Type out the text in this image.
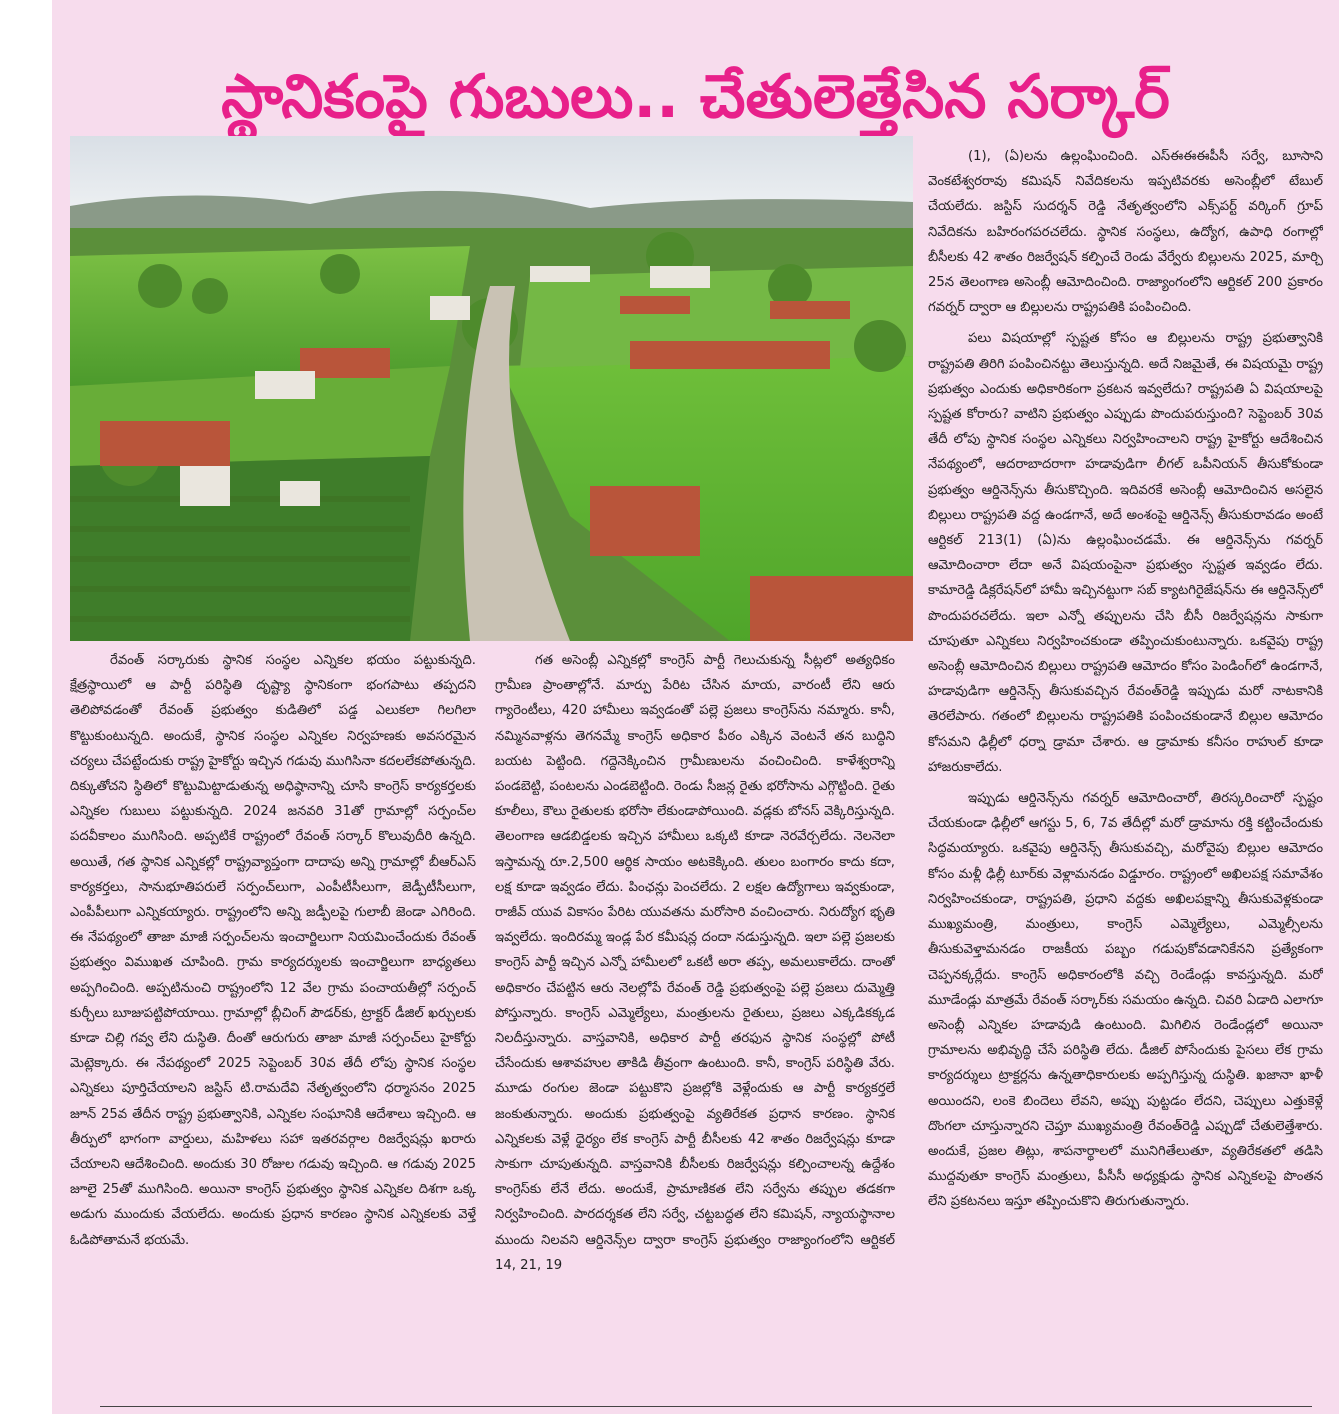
స్థానికంపై గుబులు.. చేతులెత్తేసిన సర్కార్

రేవంత్ సర్కారుకు స్థానిక సంస్థల ఎన్నికల భయం పట్టుకున్నది. క్షేత్రస్థాయిలో ఆ పార్టీ పరిస్థితి దృష్ట్యా స్థానికంగా భంగపాటు తప్పదని తెలిపోవడంతో రేవంత్ ప్రభుత్వం కుడితిలో పడ్డ ఎలుకలా గిలగిలా కొట్టుకుంటున్నది. అందుకే, స్థానిక సంస్థల ఎన్నికల నిర్వహణకు అవసరమైన చర్యలు చేపట్టేందుకు రాష్ట్ర హైకోర్టు ఇచ్చిన గడువు ముగిసినా కదలలేకపోతున్నది. దిక్కుతోచని స్థితిలో కొట్టుమిట్టాడుతున్న అధిష్ఠానాన్ని చూసి కాంగ్రెస్ కార్యకర్తలకు ఎన్నికల గుబులు పట్టుకున్నది. 2024 జనవరి 31తో గ్రామాల్లో సర్పంచ్‌ల పదవీకాలం ముగిసింది. అప్పటికే రాష్ట్రంలో రేవంత్ సర్కార్ కొలువుదీరి ఉన్నది. అయితే, గత స్థానిక ఎన్నికల్లో రాష్ట్రవ్యాప్తంగా దాదాపు అన్ని గ్రామాల్లో బీఆర్ఎస్ కార్యకర్తలు, సానుభూతిపరులే సర్పంచ్‌లుగా, ఎంపీటీసీలుగా, జెడ్పీటీసీలుగా, ఎంపీపీలుగా ఎన్నికయ్యారు. రాష్ట్రంలోని అన్ని జడ్పీలపై గులాబీ జెండా ఎగిరింది. ఈ నేపథ్యంలో తాజా మాజీ సర్పంచ్‌లను ఇంచార్జిలుగా నియమించేందుకు రేవంత్ ప్రభుత్వం విముఖత చూపింది. గ్రామ కార్యదర్శులకు ఇంచార్జిలుగా బాధ్యతలు అప్పగించింది. అప్పటినుంచి రాష్ట్రంలోని 12 వేల గ్రామ పంచాయతీల్లో సర్పంచ్ కుర్చీలు బూజుపట్టిపోయాయి. గ్రామాల్లో బ్లీచింగ్ పౌడర్‌కు, ట్రాక్టర్ డీజిల్ ఖర్చులకు కూడా చిల్లి గవ్వ లేని దుస్థితి. దీంతో ఆరుగురు తాజా మాజీ సర్పంచ్‌లు హైకోర్టు మెట్లెక్కారు. ఈ నేపథ్యంలో 2025 సెప్టెంబర్ 30వ తేదీ లోపు స్థానిక సంస్థల ఎన్నికలు పూర్తిచేయాలని జస్టిస్ టి.రామదేవి నేతృత్వంలోని ధర్మాసనం 2025 జూన్ 25వ తేదీన రాష్ట్ర ప్రభుత్వానికి, ఎన్నికల సంఘానికి ఆదేశాలు ఇచ్చింది. ఆ తీర్పులో భాగంగా వార్డులు, మహిళలు సహా ఇతరవర్గాల రిజర్వేషన్లు ఖరారు చేయాలని ఆదేశించింది. అందుకు 30 రోజుల గడువు ఇచ్చింది. ఆ గడువు 2025 జూలై 25తో ముగిసింది. అయినా కాంగ్రెస్ ప్రభుత్వం స్థానిక ఎన్నికల దిశగా ఒక్క అడుగు ముందుకు వేయలేదు. అందుకు ప్రధాన కారణం స్థానిక ఎన్నికలకు వెళ్తే ఓడిపోతామనే భయమే.

గత అసెంబ్లీ ఎన్నికల్లో కాంగ్రెస్ పార్టీ గెలుచుకున్న సీట్లలో అత్యధికం గ్రామీణ ప్రాంతాల్లోనే. మార్పు పేరిట చేసిన మాయ, వారంటీ లేని ఆరు గ్యారెంటీలు, 420 హామీలు ఇవ్వడంతో పల్లె ప్రజలు కాంగ్రెస్‌ను నమ్మారు. కానీ, నమ్మినవాళ్లను తెగనమ్మే కాంగ్రెస్ అధికార పీఠం ఎక్కిన వెంటనే తన బుద్ధిని బయట పెట్టింది. గద్దెనెక్కించిన గ్రామీణులను వంచించింది. కాళేశ్వరాన్ని పండబెట్టి, పంటలను ఎండబెట్టింది. రెండు సీజన్ల రైతు భరోసాను ఎగ్గొట్టింది. రైతు కూలీలు, కౌలు రైతులకు భరోసా లేకుండాపోయింది. వడ్లకు బోనస్ వెక్కిరిస్తున్నది. తెలంగాణ ఆడబిడ్డలకు ఇచ్చిన హామీలు ఒక్కటి కూడా నెరవేర్చలేదు. నెలనెలా ఇస్తామన్న రూ.2,500 ఆర్థిక సాయం అటకెక్కింది. తులం బంగారం కాదు కదా, లక్ష కూడా ఇవ్వడం లేదు. పింఛన్లు పెంచలేదు. 2 లక్షల ఉద్యోగాలు ఇవ్వకుండా, రాజీవ్ యువ వికాసం పేరిట యువతను మరోసారి వంచించారు. నిరుద్యోగ భృతి ఇవ్వలేదు. ఇందిరమ్మ ఇండ్ల పేర కమీషన్ల దందా నడుస్తున్నది. ఇలా పల్లె ప్రజలకు కాంగ్రెస్ పార్టీ ఇచ్చిన ఎన్నో హామీలలో ఒకటీ అరా తప్ప, అమలుకాలేదు. దాంతో అధికారం చేపట్టిన ఆరు నెలల్లోపే రేవంత్ రెడ్డి ప్రభుత్వంపై పల్లె ప్రజలు దుమ్మెత్తి పోస్తున్నారు. కాంగ్రెస్ ఎమ్మెల్యేలు, మంత్రులను రైతులు, ప్రజలు ఎక్కడికక్కడ నిలదీస్తున్నారు. వాస్తవానికి, అధికార పార్టీ తరఫున స్థానిక సంస్థల్లో పోటీ చేసేందుకు ఆశావహుల తాకిడి తీవ్రంగా ఉంటుంది. కానీ, కాంగ్రెస్ పరిస్థితి వేరు. మూడు రంగుల జెండా పట్టుకొని ప్రజల్లోకి వెళ్లేందుకు ఆ పార్టీ కార్యకర్తలే జంకుతున్నారు. అందుకు ప్రభుత్వంపై వ్యతిరేకత ప్రధాన కారణం. స్థానిక ఎన్నికలకు వెళ్లే ధైర్యం లేక కాంగ్రెస్ పార్టీ బీసీలకు 42 శాతం రిజర్వేషన్లు కూడా సాకుగా చూపుతున్నది. వాస్తవానికి బీసీలకు రిజర్వేషన్లు కల్పించాలన్న ఉద్దేశం కాంగ్రెస్‌కు లేనే లేదు. అందుకే, ప్రామాణికత లేని సర్వేను తప్పుల తడకగా నిర్వహించింది. పారదర్శకత లేని సర్వే, చట్టబద్ధత లేని కమిషన్, న్యాయస్థానాల ముందు నిలవని ఆర్డినెన్స్‌ల ద్వారా కాంగ్రెస్ ప్రభుత్వం రాజ్యాంగంలోని ఆర్టికల్ 14, 21, 19

(1), (ఏ)లను ఉల్లంఘించింది. ఎస్ఈఈఈపీసీ సర్వే, బూసాని వెంకటేశ్వరరావు కమిషన్ నివేదికలను ఇప్పటివరకు అసెంబ్లీలో టేబుల్ చేయలేదు. జస్టిస్ సుదర్శన్ రెడ్డి నేతృత్వంలోని ఎక్స్‌పర్ట్ వర్కింగ్ గ్రూప్ నివేదికను బహిరంగపరచలేదు. స్థానిక సంస్థలు, ఉద్యోగ, ఉపాధి రంగాల్లో బీసీలకు 42 శాతం రిజర్వేషన్ కల్పించే రెండు వేర్వేరు బిల్లులను 2025, మార్చి 25న తెలంగాణ అసెంబ్లీ ఆమోదించింది. రాజ్యాంగంలోని ఆర్టికల్ 200 ప్రకారం గవర్నర్ ద్వారా ఆ బిల్లులను రాష్ట్రపతికి పంపించింది.

పలు విషయాల్లో స్పష్టత కోసం ఆ బిల్లులను రాష్ట్ర ప్రభుత్వానికి రాష్ట్రపతి తిరిగి పంపించినట్టు తెలుస్తున్నది. అదే నిజమైతే, ఈ విషయమై రాష్ట్ర ప్రభుత్వం ఎందుకు అధికారికంగా ప్రకటన ఇవ్వలేదు? రాష్ట్రపతి ఏ విషయాలపై స్పష్టత కోరారు? వాటిని ప్రభుత్వం ఎప్పుడు పొందుపరుస్తుంది? సెప్టెంబర్ 30వ తేదీ లోపు స్థానిక సంస్థల ఎన్నికలు నిర్వహించాలని రాష్ట్ర హైకోర్టు ఆదేశించిన నేపథ్యంలో, ఆదరాబాదరాగా హడావుడిగా లీగల్ ఒపీనియన్ తీసుకోకుండా ప్రభుత్వం ఆర్డినెన్స్‌ను తీసుకొచ్చింది. ఇదివరకే అసెంబ్లీ ఆమోదించిన అసలైన బిల్లులు రాష్ట్రపతి వద్ద ఉండగానే, అదే అంశంపై ఆర్డినెన్స్ తీసుకురావడం అంటే ఆర్టికల్ 213(1) (ఏ)ను ఉల్లంఘించడమే. ఈ ఆర్డినెన్స్‌ను గవర్నర్ ఆమోదించారా లేదా అనే విషయంపైనా ప్రభుత్వం స్పష్టత ఇవ్వడం లేదు. కామారెడ్డి డిక్లరేషన్‌లో హామీ ఇచ్చినట్టుగా సబ్ క్యాటగిరైజేషన్‌ను ఈ ఆర్డినెన్స్‌లో పొందుపరచలేదు. ఇలా ఎన్నో తప్పులను చేసి బీసీ రిజర్వేషన్లను సాకుగా చూపుతూ ఎన్నికలు నిర్వహించకుండా తప్పించుకుంటున్నారు. ఒకవైపు రాష్ట్ర అసెంబ్లీ ఆమోదించిన బిల్లులు రాష్ట్రపతి ఆమోదం కోసం పెండింగ్‌లో ఉండగానే, హడావుడిగా ఆర్డినెన్స్ తీసుకువచ్చిన రేవంత్‌రెడ్డి ఇప్పుడు మరో నాటకానికి తెరలేపారు. గతంలో బిల్లులను రాష్ట్రపతికి పంపించకుండానే బిల్లుల ఆమోదం కోసమని ఢిల్లీలో ధర్నా డ్రామా చేశారు. ఆ డ్రామాకు కనీసం రాహుల్ కూడా హాజరుకాలేదు.

ఇప్పుడు ఆర్డినెన్స్‌ను గవర్నర్ ఆమోదించారో, తిరస్కరించారో స్పష్టం చేయకుండా ఢిల్లీలో ఆగస్టు 5, 6, 7వ తేదీల్లో మరో డ్రామాను రక్తి కట్టించేందుకు సిద్ధమయ్యారు. ఒకవైపు ఆర్డినెన్స్ తీసుకువచ్చి, మరోవైపు బిల్లుల ఆమోదం కోసం మళ్లీ ఢిల్లీ టూర్‌కు వెళ్లామనడం విడ్డూరం. రాష్ట్రంలో అఖిలపక్ష సమావేశం నిర్వహించకుండా, రాష్ట్రపతి, ప్రధాని వద్దకు అఖిలపక్షాన్ని తీసుకువెళ్లకుండా ముఖ్యమంత్రి, మంత్రులు, కాంగ్రెస్ ఎమ్మెల్యేలు, ఎమ్మెల్సీలను తీసుకువెళ్తామనడం రాజకీయ పబ్బం గడుపుకోవడానికేనని ప్రత్యేకంగా చెప్పనక్కర్లేదు. కాంగ్రెస్ అధికారంలోకి వచ్చి రెండేండ్లు కావస్తున్నది. మరో మూడేండ్లు మాత్రమే రేవంత్ సర్కార్‌కు సమయం ఉన్నది. చివరి ఏడాది ఎలాగూ అసెంబ్లీ ఎన్నికల హడావుడి ఉంటుంది. మిగిలిన రెండేండ్లలో అయినా గ్రామాలను అభివృద్ధి చేసే పరిస్థితి లేదు. డీజిల్ పోసేందుకు పైసలు లేక గ్రామ కార్యదర్శులు ట్రాక్టర్లను ఉన్నతాధికారులకు అప్పగిస్తున్న దుస్థితి. ఖజానా ఖాళీ అయిందని, లంకె బిందెలు లేవని, అప్పు పుట్టడం లేదని, చెప్పులు ఎత్తుకెళ్లే దొంగలా చూస్తున్నారని చెప్తూ ముఖ్యమంత్రి రేవంత్‌రెడ్డి ఎప్పుడో చేతులెత్తేశారు. అందుకే, ప్రజల తిట్లు, శాపనార్థాలలో మునిగితేలుతూ, వ్యతిరేకతలో తడిసి ముద్దవుతూ కాంగ్రెస్ మంత్రులు, పీసీసీ అధ్యక్షుడు స్థానిక ఎన్నికలపై పొంతన లేని ప్రకటనలు ఇస్తూ తప్పించుకొని తిరుగుతున్నారు.
